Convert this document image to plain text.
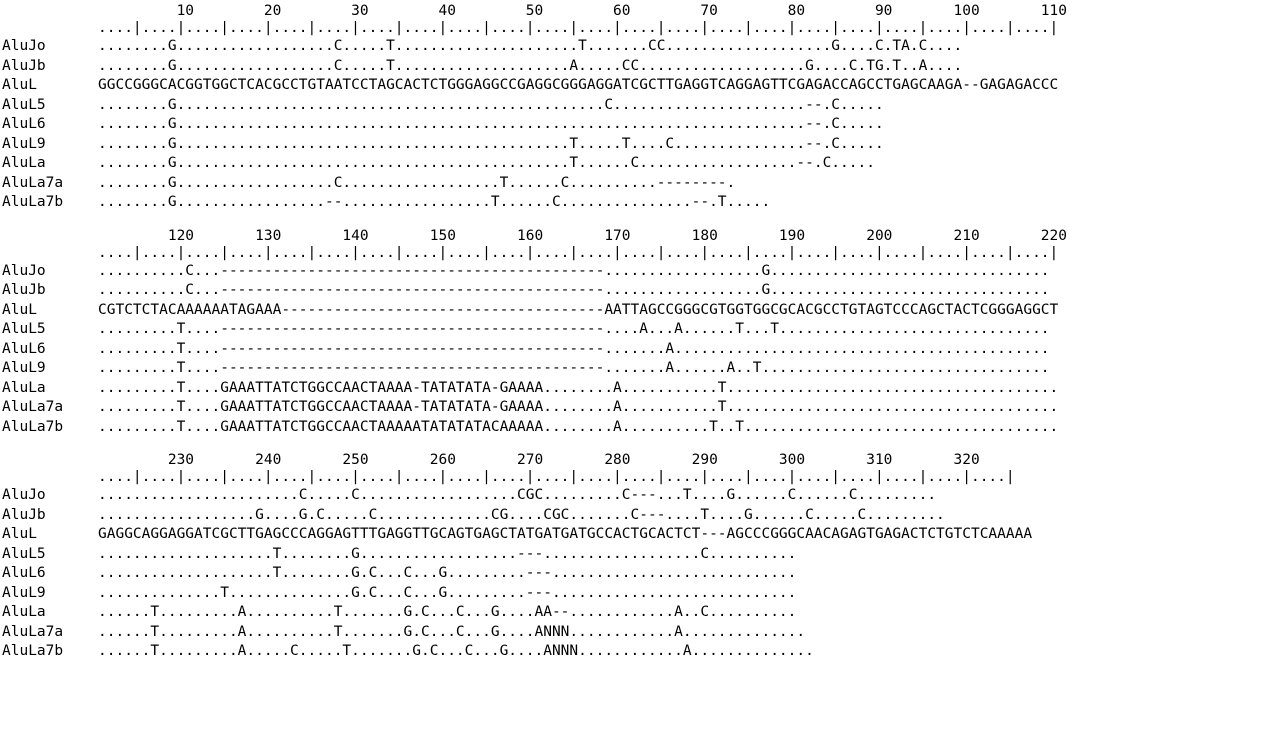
10        20        30        40        50        60        70        80        90       100       110
....|....|....|....|....|....|....|....|....|....|....|....|....|....|....|....|....|....|....|....|....|....|
AluJo	........G..................C.....T.....................T.......CC...................G....C.TA.C....
AluJb	........G..................C.....T....................A.....CC...................G....C.TG.T..A....
AluL	GGCCGGGCACGGTGGCTCACGCCTGTAATCCTAGCACTCTGGGAGGCCGAGGCGGGAGGATCGCTTGAGGTCAGGAGTTCGAGACCAGCCTGAGCAAGA--GAGAGACCC
AluL5	........G.................................................C......................--.C.....
AluL6	........G........................................................................--.C.....
AluL9	........G.............................................T.....T....C...............--.C.....
AluLa	........G.............................................T......C..................--.C.....
AluLa7a	........G..................C..................T......C..........--------.
AluLa7b	........G.................--.................T......C...............--.T.....
120       130       140       150       160       170       180       190       200       210       220
....|....|....|....|....|....|....|....|....|....|....|....|....|....|....|....|....|....|....|....|....|....|
AluJo	..........C...--------------------------------------------..................G................................
AluJb	..........C...--------------------------------------------..................G................................
AluL	CGTCTCTACAAAAAATAGAAA-------------------------------------AATTAGCCGGGCGTGGTGGCGCACGCCTGTAGTCCCAGCTACTCGGGAGGCT
AluL5	.........T....--------------------------------------------....A...A......T...T...............................
AluL6	.........T....--------------------------------------------.......A...........................................
AluL9	.........T....--------------------------------------------.......A......A..T.................................
AluLa	.........T....GAAATTATCTGGCCAACTAAAA-TATATATA-GAAAA........A...........T......................................
AluLa7a	.........T....GAAATTATCTGGCCAACTAAAA-TATATATA-GAAAA........A...........T......................................
AluLa7b	.........T....GAAATTATCTGGCCAACTAAAAATATATATACAAAAA........A..........T..T....................................
230       240       250       260       270       280       290       300       310       320
....|....|....|....|....|....|....|....|....|....|....|....|....|....|....|....|....|....|....|....|....|
AluJo	.......................C.....C..................CGC.........C---...T....G......C......C.........
AluJb	..................G....G.C.....C.............CG....CGC.......C---....T....G......C.....C.........
AluL	GAGGCAGGAGGATCGCTTGAGCCCAGGAGTTTGAGGTTGCAGTGAGCTATGATGATGCCACTGCACTCT---AGCCCGGGCAACAGAGTGAGACTCTGTCTCAAAAA
AluL5	....................T........G..................---..................C..........
AluL6	....................T........G.C...C...G.........---............................
AluL9	..............T..............G.C...C...G.........---............................
AluLa	......T.........A..........T.......G.C...C...G....AA--............A..C..........
AluLa7a	......T.........A..........T.......G.C...C...G....ANNN............A..............
AluLa7b	......T.........A.....C.....T.......G.C...C...G....ANNN............A..............
